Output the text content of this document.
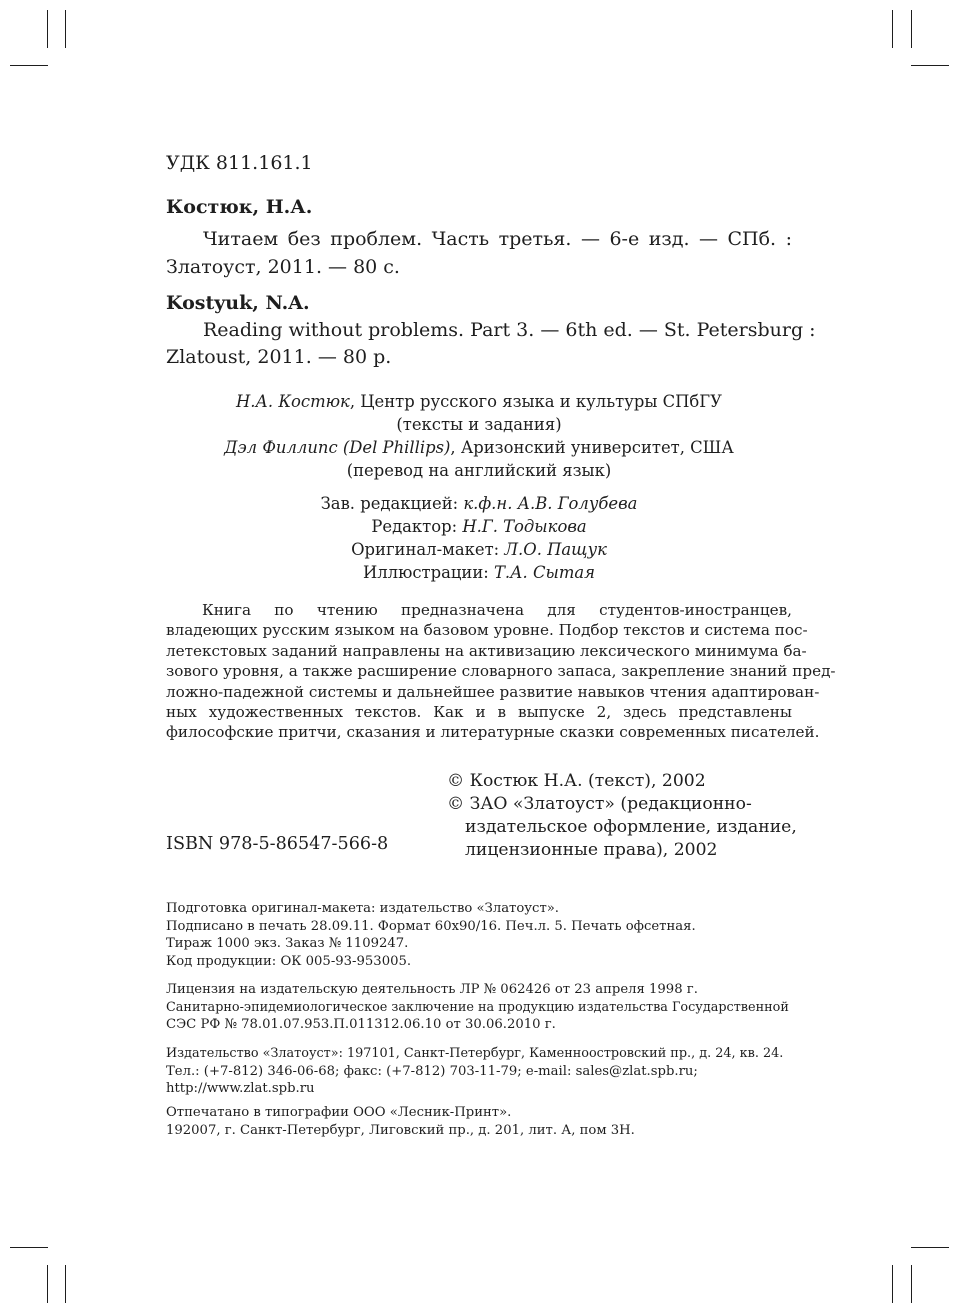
УДК 811.161.1
Костюк, Н.А.
Читаем без проблем. Часть третья. — 6-е изд. — СПб. :
Златоуст, 2011. — 80 с.
Kostyuk, N.A.
Reading without problems. Part 3. — 6th ed. — St. Petersburg :
Zlatoust, 2011. — 80 p.
Н.А. Костюк, Центр русского языка и культуры СПбГУ
(тексты и задания)
Дэл Филлипс (Del Phillips), Аризонский университет, США
(перевод на английский язык)
Зав. редакцией: к.ф.н. А.В. Голубева
Редактор: Н.Г. Тодыкова
Оригинал-макет: Л.О. Пащук
Иллюстрации: Т.А. Сытая
Книга по чтению предназначена для студентов-иностранцев,
владеющих русским языком на базовом уровне. Подбор текстов и система пос-
летекстовых заданий направлены на активизацию лексического минимума ба-
зового уровня, а также расширение словарного запаса, закрепление знаний пред-
ложно-падежной системы и дальнейшее развитие навыков чтения адаптирован-
ных художественных текстов. Как и в выпуске 2, здесь представлены
философские притчи, сказания и литературные сказки современных писателей.
© Костюк Н.А. (текст), 2002
© ЗАО «Златоуст» (редакционно-
издательское оформление, издание,
лицензионные права), 2002
ISBN 978-5-86547-566-8
Подготовка оригинал-макета: издательство «Златоуст».
Подписано в печать 28.09.11. Формат 60x90/16. Печ.л. 5. Печать офсетная.
Тираж 1000 экз. Заказ № 1109247.
Код продукции: ОК 005-93-953005.
Лицензия на издательскую деятельность ЛР № 062426 от 23 апреля 1998 г.
Санитарно-эпидемиологическое заключение на продукцию издательства Государственной
СЭС РФ № 78.01.07.953.П.011312.06.10 от 30.06.2010 г.
Издательство «Златоуст»: 197101, Санкт-Петербург, Каменноостровский пр., д. 24, кв. 24.
Тел.: (+7-812) 346-06-68; факс: (+7-812) 703-11-79; e-mail: sales@zlat.spb.ru;
http://www.zlat.spb.ru
Отпечатано в типографии ООО «Лесник-Принт».
192007, г. Санкт-Петербург, Лиговский пр., д. 201, лит. А, пом 3Н.
